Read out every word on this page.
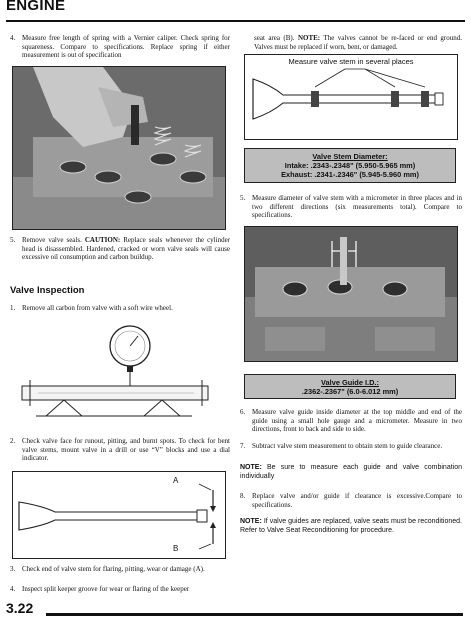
ENGINE
4. Measure free length of spring with a Vernier caliper. Check spring for squareness. Compare to specifications. Replace spring if either measurement is out of specification
5. Remove valve seals. CAUTION: Replace seals whenever the cylinder head is disassembled. Hardened, cracked or worn valve seals will cause excessive oil consumption and carbon buildup.
Valve Inspection
1. Remove all carbon from valve with a soft wire wheel.
2. Check valve face for runout, pitting, and burnt spots. To check for bent valve stems, mount valve in a drill or use “V” blocks and use a dial indicator.
A
B
3. Check end of valve stem for flaring, pitting, wear or damage (A).
4. Inspect split keeper groove for wear or flaring of the keeper
seat area (B). NOTE: The valves cannot be re-faced or end ground. Valves must be replaced if worn, bent, or damaged.
Measure valve stem in several places
Valve Stem Diameter:
Intake: .2343-.2348" (5.950-5.965 mm)
Exhaust: .2341-.2346" (5.945-5.960 mm)
5. Measure diameter of valve stem with a micrometer in three places and in two different directions (six measurements total). Compare to specifications.
Valve Guide I.D.:
.2362-.2367" (6.0-6.012 mm)
6. Measure valve guide inside diameter at the top middle and end of the guide using a small hole gauge and a micrometer. Measure in two directions, front to back and side to side.
7. Subtract valve stem measurement to obtain stem to guide clearance.
NOTE: Be sure to measure each guide and valve combination individually
8. Replace valve and/or guide if clearance is excessive.Compare to specifications.
NOTE: If valve guides are replaced, valve seats must be reconditioned. Refer to Valve Seat Reconditioning for procedure.
3.22
